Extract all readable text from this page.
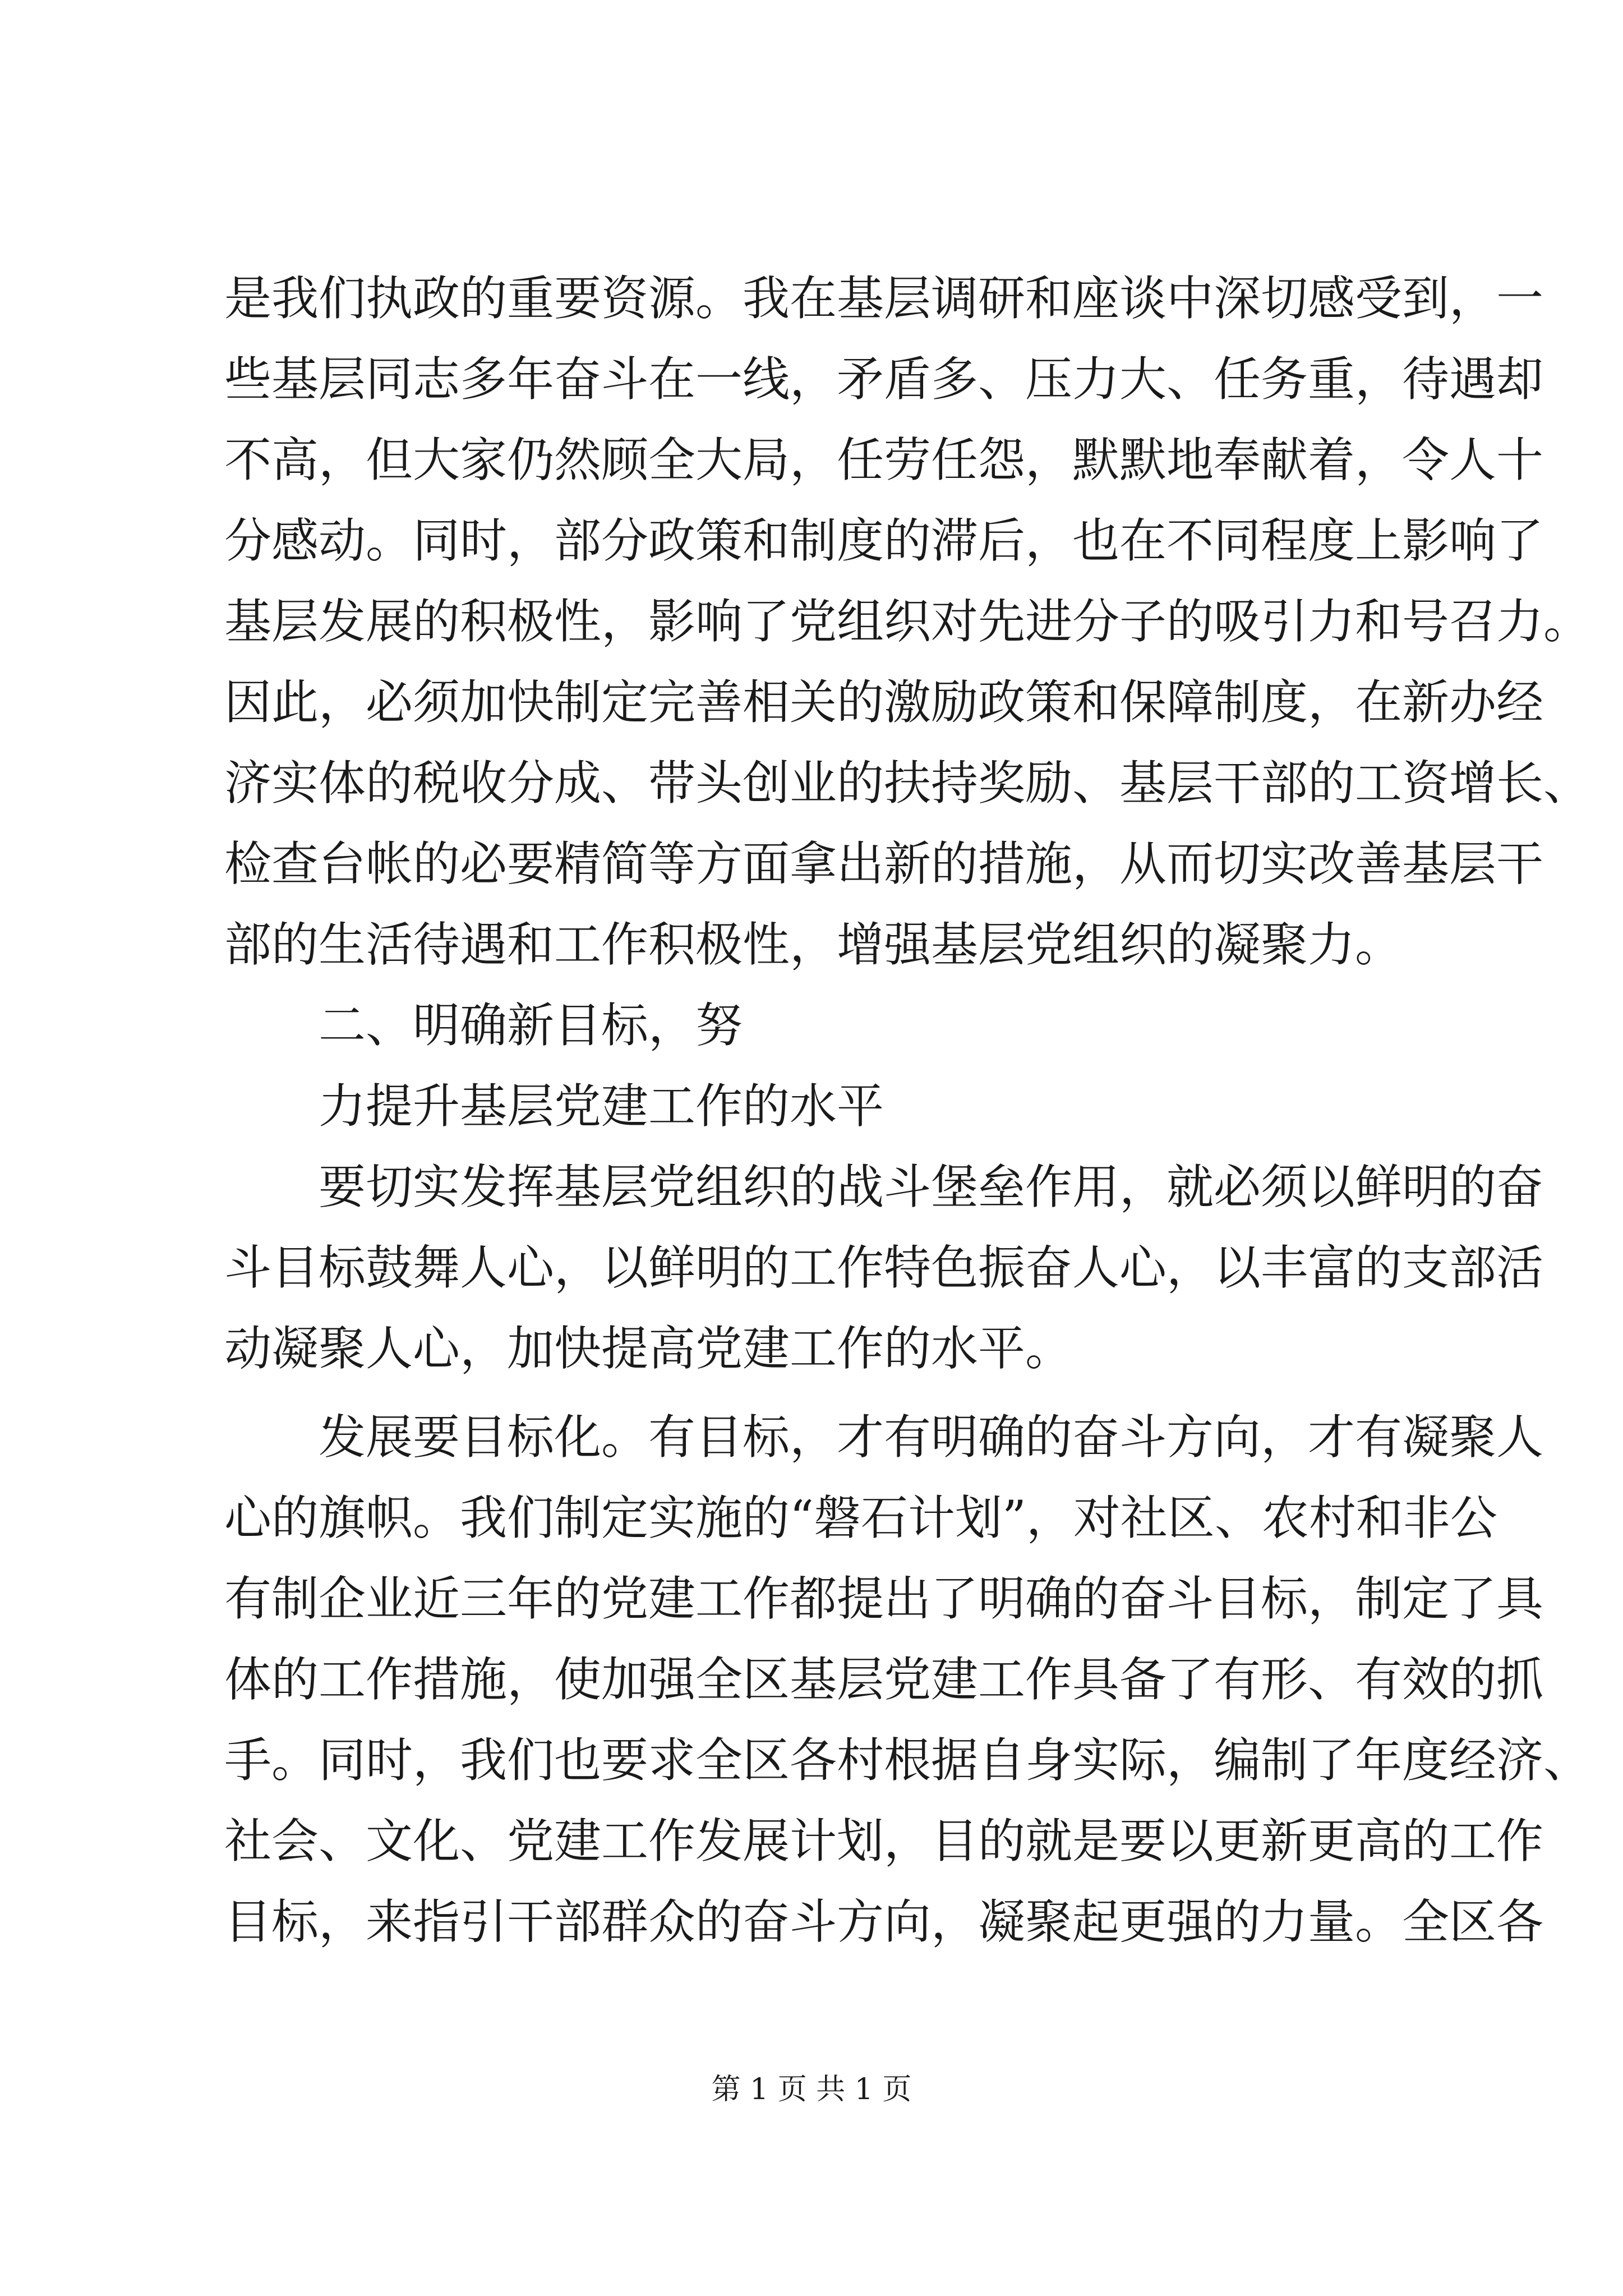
是我们执政的重要资源。我在基层调研和座谈中深切感受到，一
些基层同志多年奋斗在一线，矛盾多、压力大、任务重，待遇却
不高，但大家仍然顾全大局，任劳任怨，默默地奉献着，令人十
分感动。同时，部分政策和制度的滞后，也在不同程度上影响了
基层发展的积极性，影响了党组织对先进分子的吸引力和号召力。
因此，必须加快制定完善相关的激励政策和保障制度，在新办经
济实体的税收分成、带头创业的扶持奖励、基层干部的工资增长、
检查台帐的必要精简等方面拿出新的措施，从而切实改善基层干
部的生活待遇和工作积极性，增强基层党组织的凝聚力。
二、明确新目标，努
力提升基层党建工作的水平
要切实发挥基层党组织的战斗堡垒作用，就必须以鲜明的奋
斗目标鼓舞人心，以鲜明的工作特色振奋人心，以丰富的支部活
动凝聚人心，加快提高党建工作的水平。
发展要目标化。有目标，才有明确的奋斗方向，才有凝聚人
心的旗帜。我们制定实施的“磐石计划”，对社区、农村和非公
有制企业近三年的党建工作都提出了明确的奋斗目标，制定了具
体的工作措施，使加强全区基层党建工作具备了有形、有效的抓
手。同时，我们也要求全区各村根据自身实际，编制了年度经济、
社会、文化、党建工作发展计划，目的就是要以更新更高的工作
目标，来指引干部群众的奋斗方向，凝聚起更强的力量。全区各
第 1 页 共 1 页
